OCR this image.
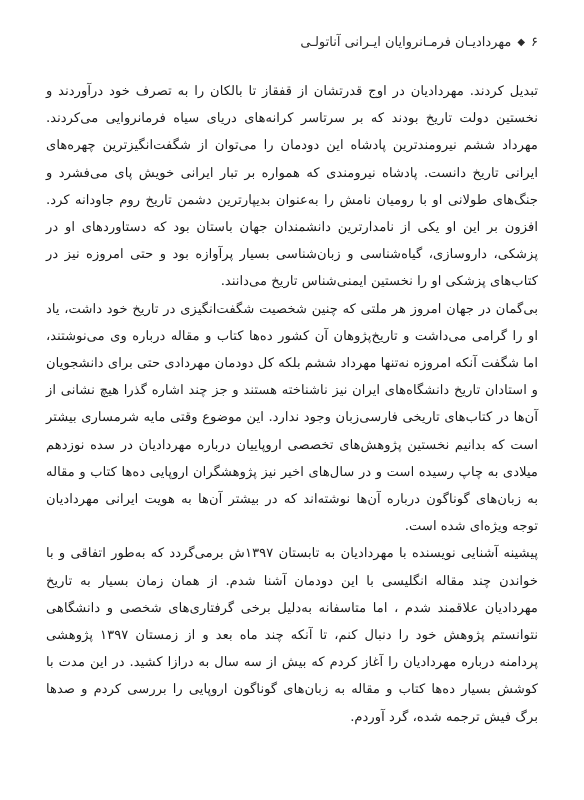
۶
◆
مهردادیـان فرمـانروایان ایـرانی آناتولـی

تبدیل کردند. مهردادیان در اوج قدرتشان از قفقاز تا بالکان را به تصرف خود درآوردند و نخستین دولت تاریخ بودند که بر سرتاسر کرانه‌های دریای سیاه فرمانروایی می‌کردند. مهرداد ششم نیرومندترین پادشاه این دودمان را می‌توان از شگفت‌انگیزترین چهره‌های ایرانی تاریخ دانست. پادشاه نیرومندی که همواره بر تبار ایرانی خویش پای می‌فشرد و جنگ‌های طولانی او با رومیان نامش را به‌عنوان بدیپارترین دشمن تاریخ روم جاودانه کرد. افزون بر این او یکی از نامدارترین دانشمندان جهان باستان بود که دستاوردهای او در پزشکی، داروسازی، گیاه‌شناسی و زبان‌شناسی بسیار پرآوازه بود و حتی امروزه نیز در کتاب‌های پزشکی او را نخستین ایمنی‌شناس تاریخ می‌دانند.

بی‌گمان در جهان امروز هر ملتی که چنین شخصیت شگفت‌انگیزی در تاریخ خود داشت، یاد او را گرامی می‌داشت و تاریخ‌پژوهان آن کشور ده‌ها کتاب و مقاله درباره وی می‌نوشتند، اما شگفت آنکه امروزه نه‌تنها مهرداد ششم بلکه کل دودمان مهردادی حتی برای دانشجویان و استادان تاریخ دانشگاه‌های ایران نیز ناشناخته هستند و جز چند اشاره گذرا هیچ نشانی از آن‌ها در کتاب‌های تاریخی فارسی‌زبان وجود ندارد. این موضوع وقتی مایه شرمساری بیشتر است که بدانیم نخستین پژوهش‌های تخصصی اروپاییان درباره مهردادیان در سده نوزدهم میلادی به چاپ رسیده است و در سال‌های اخیر نیز پژوهشگران اروپایی ده‌ها کتاب و مقاله به زبان‌های گوناگون درباره آن‌ها نوشته‌اند که در بیشتر آن‌ها به هویت ایرانی مهردادیان توجه ویژه‌ای شده است.

پیشینه آشنایی نویسنده با مهردادیان به تابستان ۱۳۹۷ش برمی‌گردد که به‌طور اتفاقی و با خواندن چند مقاله انگلیسی با این دودمان آشنا شدم. از همان زمان بسیار به تاریخ مهردادیان علاقمند شدم ، اما متاسفانه به‌دلیل برخی گرفتاری‌های شخصی و دانشگاهی نتوانستم پژوهش خود را دنبال کنم، تا آنکه چند ماه بعد و از زمستان ۱۳۹۷ پژوهشی پردامنه درباره مهردادیان را آغاز کردم که بیش از سه سال به درازا کشید. در این مدت با کوشش بسیار ده‌ها کتاب و مقاله به زبان‌های گوناگون اروپایی را بررسی کردم و صدها برگ فیش ترجمه شده، گرد آوردم.
